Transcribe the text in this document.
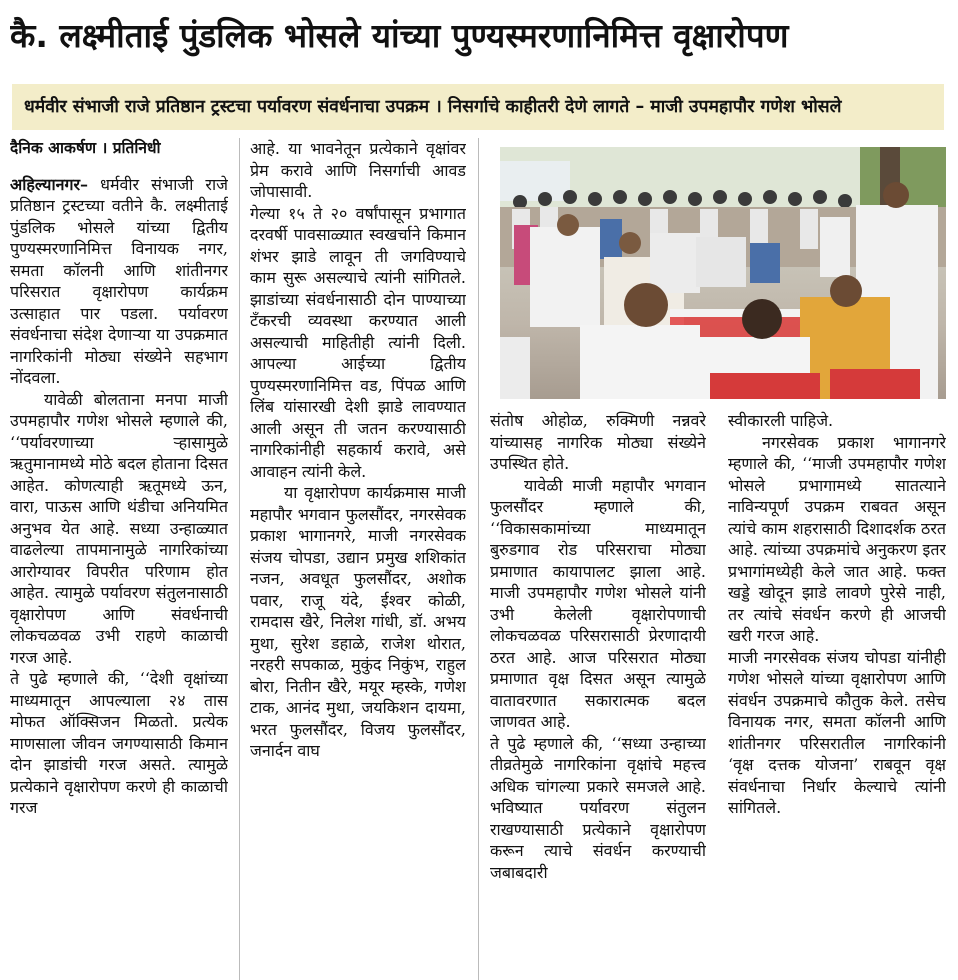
कै. लक्ष्मीताई पुंडलिक भोसले यांच्या पुण्यस्मरणानिमित्त वृक्षारोपण
धर्मवीर संभाजी राजे प्रतिष्ठान ट्रस्टचा पर्यावरण संवर्धनाचा उपक्रम । निसर्गाचे काहीतरी देणे लागते – माजी उपमहापौर गणेश भोसले

दैनिक आकर्षण । प्रतिनिधी

अहिल्यानगर– धर्मवीर संभाजी राजे प्रतिष्ठान ट्रस्टच्या वतीने कै. लक्ष्मीताई पुंडलिक भोसले यांच्या द्वितीय पुण्यस्मरणानिमित्त विनायक नगर, समता कॉलनी आणि शांतीनगर परिसरात वृक्षारोपण कार्यक्रम उत्साहात पार पडला. पर्यावरण संवर्धनाचा संदेश देणाऱ्या या उपक्रमात नागरिकांनी मोठ्या संख्येने सहभाग नोंदवला.

यावेळी बोलताना मनपा माजी उपमहापौर गणेश भोसले म्हणाले की, ‘‘पर्यावरणाच्या ऱ्हासामुळे ऋतुमानामध्ये मोठे बदल होताना दिसत आहेत. कोणत्याही ऋतूमध्ये ऊन, वारा, पाऊस आणि थंडीचा अनियमित अनुभव येत आहे. सध्या उन्हाळ्यात वाढलेल्या तापमानामुळे नागरिकांच्या आरोग्यावर विपरीत परिणाम होत आहेत. त्यामुळे पर्यावरण संतुलनासाठी वृक्षारोपण आणि संवर्धनाची लोकचळवळ उभी राहणे काळाची गरज आहे.

ते पुढे म्हणाले की, ‘‘देशी वृक्षांच्या माध्यमातून आपल्याला २४ तास मोफत ऑक्सिजन मिळतो. प्रत्येक माणसाला जीवन जगण्यासाठी किमान दोन झाडांची गरज असते. त्यामुळे प्रत्येकाने वृक्षारोपण करणे ही काळाची गरज

आहे. या भावनेतून प्रत्येकाने वृक्षांवर प्रेम करावे आणि निसर्गाची आवड जोपासावी.

गेल्या १५ ते २० वर्षांपासून प्रभागात दरवर्षी पावसाळ्यात स्वखर्चाने किमान शंभर झाडे लावून ती जगविण्याचे काम सुरू असल्याचे त्यांनी सांगितले. झाडांच्या संवर्धनासाठी दोन पाण्याच्या टँकरची व्यवस्था करण्यात आली असल्याची माहितीही त्यांनी दिली. आपल्या आईच्या द्वितीय पुण्यस्मरणानिमित्त वड, पिंपळ आणि लिंब यांसारखी देशी झाडे लावण्यात आली असून ती जतन करण्यासाठी नागरिकांनीही सहकार्य करावे, असे आवाहन त्यांनी केले.

या वृक्षारोपण कार्यक्रमास माजी महापौर भगवान फुलसौंदर, नगरसेवक प्रकाश भागानगरे, माजी नगरसेवक संजय चोपडा, उद्यान प्रमुख शशिकांत नजन, अवधूत फुलसौंदर, अशोक पवार, राजू यंदे, ईश्वर कोळी, रामदास खैरे, निलेश गांधी, डॉ. अभय मुथा, सुरेश डहाळे, राजेश थोरात, नरहरी सपकाळ, मुकुंद निकुंभ, राहुल बोरा, नितीन खैरे, मयूर म्हस्के, गणेश टाक, आनंद मुथा, जयकिशन दायमा, भरत फुलसौंदर, विजय फुलसौंदर, जनार्दन वाघ

संतोष ओहोळ, रुक्मिणी नन्नवरे यांच्यासह नागरिक मोठ्या संख्येने उपस्थित होते.

यावेळी माजी महापौर भगवान फुलसौंदर म्हणाले की, ‘‘विकासकामांच्या माध्यमातून बुरुडगाव रोड परिसराचा मोठ्या प्रमाणात कायापालट झाला आहे. माजी उपमहापौर गणेश भोसले यांनी उभी केलेली वृक्षारोपणाची लोकचळवळ परिसरासाठी प्रेरणादायी ठरत आहे. आज परिसरात मोठ्या प्रमाणात वृक्ष दिसत असून त्यामुळे वातावरणात सकारात्मक बदल जाणवत आहे.

ते पुढे म्हणाले की, ‘‘सध्या उन्हाच्या तीव्रतेमुळे नागरिकांना वृक्षांचे महत्त्व अधिक चांगल्या प्रकारे समजले आहे. भविष्यात पर्यावरण संतुलन राखण्यासाठी प्रत्येकाने वृक्षारोपण करून त्याचे संवर्धन करण्याची जबाबदारी

स्वीकारली पाहिजे.

नगरसेवक प्रकाश भागानगरे म्हणाले की, ‘‘माजी उपमहापौर गणेश भोसले प्रभागामध्ये सातत्याने नाविन्यपूर्ण उपक्रम राबवत असून त्यांचे काम शहरासाठी दिशादर्शक ठरत आहे. त्यांच्या उपक्रमांचे अनुकरण इतर प्रभागांमध्येही केले जात आहे. फक्त खड्डे खोदून झाडे लावणे पुरेसे नाही, तर त्यांचे संवर्धन करणे ही आजची खरी गरज आहे.

माजी नगरसेवक संजय चोपडा यांनीही गणेश भोसले यांच्या वृक्षारोपण आणि संवर्धन उपक्रमाचे कौतुक केले. तसेच विनायक नगर, समता कॉलनी आणि शांतीनगर परिसरातील नागरिकांनी ‘वृक्ष दत्तक योजना’ राबवून वृक्ष संवर्धनाचा निर्धार केल्याचे त्यांनी सांगितले.
